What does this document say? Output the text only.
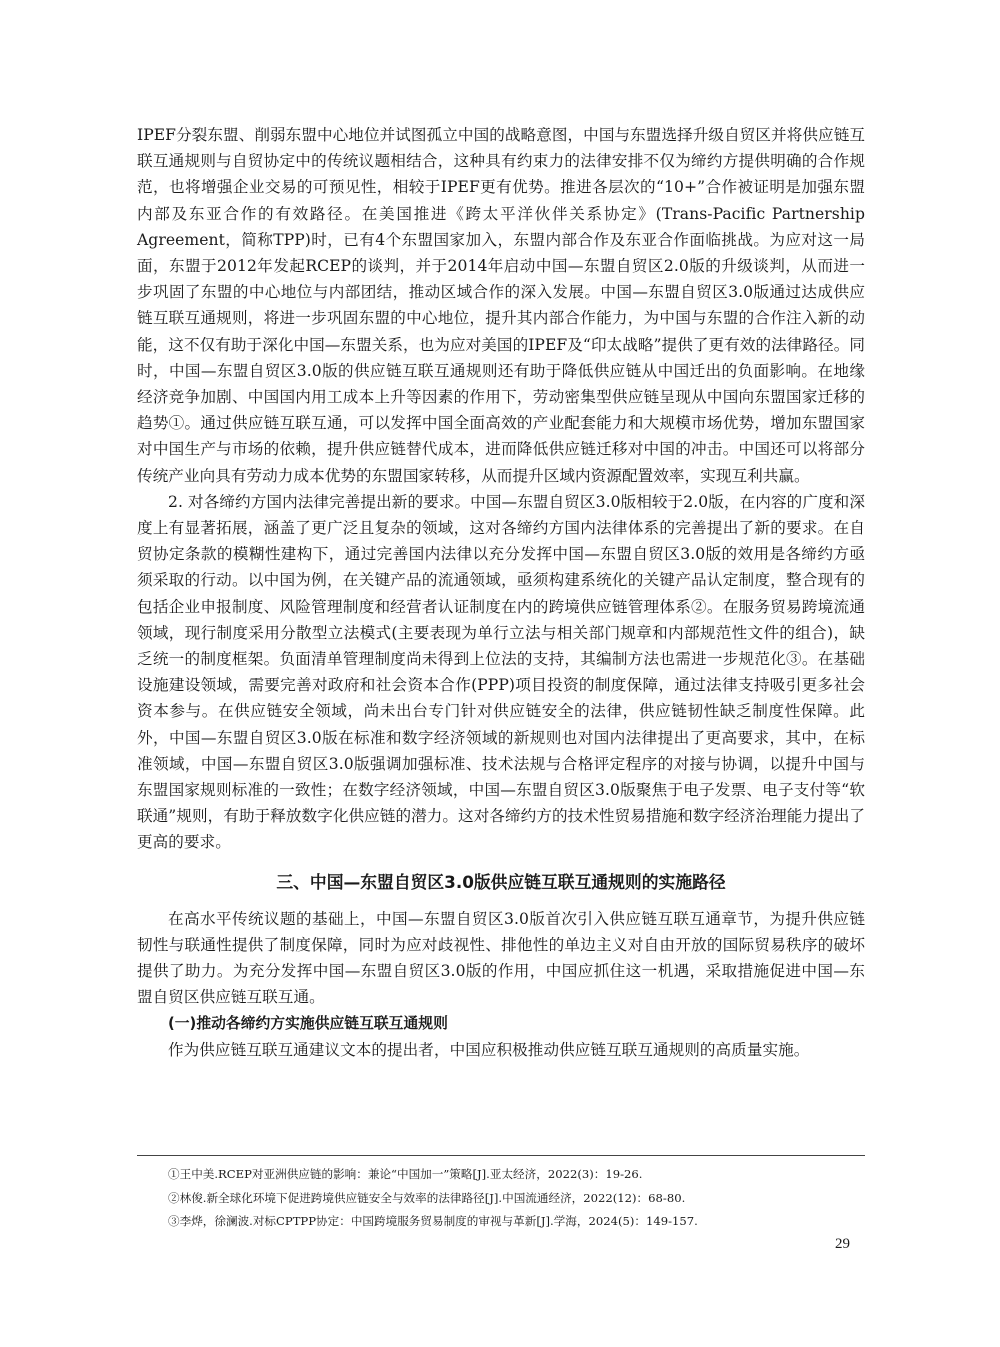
IPEF分裂东盟、削弱东盟中心地位并试图孤立中国的战略意图，中国与东盟选择升级自贸区并将供应链互联互通规则与自贸协定中的传统议题相结合，这种具有约束力的法律安排不仅为缔约方提供明确的合作规范，也将增强企业交易的可预见性，相较于IPEF更有优势。推进各层次的“10+”合作被证明是加强东盟内部及东亚合作的有效路径。在美国推进《跨太平洋伙伴关系协定》(Trans-Pacific Partnership Agreement，简称TPP)时，已有4个东盟国家加入，东盟内部合作及东亚合作面临挑战。为应对这一局面，东盟于2012年发起RCEP的谈判，并于2014年启动中国—东盟自贸区2.0版的升级谈判，从而进一步巩固了东盟的中心地位与内部团结，推动区域合作的深入发展。中国—东盟自贸区3.0版通过达成供应链互联互通规则，将进一步巩固东盟的中心地位，提升其内部合作能力，为中国与东盟的合作注入新的动能，这不仅有助于深化中国—东盟关系，也为应对美国的IPEF及“印太战略”提供了更有效的法律路径。同时，中国—东盟自贸区3.0版的供应链互联互通规则还有助于降低供应链从中国迁出的负面影响。在地缘经济竞争加剧、中国国内用工成本上升等因素的作用下，劳动密集型供应链呈现从中国向东盟国家迁移的趋势①。通过供应链互联互通，可以发挥中国全面高效的产业配套能力和大规模市场优势，增加东盟国家对中国生产与市场的依赖，提升供应链替代成本，进而降低供应链迁移对中国的冲击。中国还可以将部分传统产业向具有劳动力成本优势的东盟国家转移，从而提升区域内资源配置效率，实现互利共赢。

2. 对各缔约方国内法律完善提出新的要求。中国—东盟自贸区3.0版相较于2.0版，在内容的广度和深度上有显著拓展，涵盖了更广泛且复杂的领域，这对各缔约方国内法律体系的完善提出了新的要求。在自贸协定条款的模糊性建构下，通过完善国内法律以充分发挥中国—东盟自贸区3.0版的效用是各缔约方亟须采取的行动。以中国为例，在关键产品的流通领域，亟须构建系统化的关键产品认定制度，整合现有的包括企业申报制度、风险管理制度和经营者认证制度在内的跨境供应链管理体系②。在服务贸易跨境流通领域，现行制度采用分散型立法模式(主要表现为单行立法与相关部门规章和内部规范性文件的组合)，缺乏统一的制度框架。负面清单管理制度尚未得到上位法的支持，其编制方法也需进一步规范化③。在基础设施建设领域，需要完善对政府和社会资本合作(PPP)项目投资的制度保障，通过法律支持吸引更多社会资本参与。在供应链安全领域，尚未出台专门针对供应链安全的法律，供应链韧性缺乏制度性保障。此外，中国—东盟自贸区3.0版在标准和数字经济领域的新规则也对国内法律提出了更高要求，其中，在标准领域，中国—东盟自贸区3.0版强调加强标准、技术法规与合格评定程序的对接与协调，以提升中国与东盟国家规则标准的一致性；在数字经济领域，中国—东盟自贸区3.0版聚焦于电子发票、电子支付等“软联通”规则，有助于释放数字化供应链的潜力。这对各缔约方的技术性贸易措施和数字经济治理能力提出了更高的要求。

三、中国—东盟自贸区3.0版供应链互联互通规则的实施路径

在高水平传统议题的基础上，中国—东盟自贸区3.0版首次引入供应链互联互通章节，为提升供应链韧性与联通性提供了制度保障，同时为应对歧视性、排他性的单边主义对自由开放的国际贸易秩序的破坏提供了助力。为充分发挥中国—东盟自贸区3.0版的作用，中国应抓住这一机遇，采取措施促进中国—东盟自贸区供应链互联互通。

(一)推动各缔约方实施供应链互联互通规则

作为供应链互联互通建议文本的提出者，中国应积极推动供应链互联互通规则的高质量实施。

①王中美.RCEP对亚洲供应链的影响：兼论“中国加一”策略[J].亚太经济，2022(3)：19-26.

②林俊.新全球化环境下促进跨境供应链安全与效率的法律路径[J].中国流通经济，2022(12)：68-80.

③李烨，徐澜波.对标CPTPP协定：中国跨境服务贸易制度的审视与革新[J].学海，2024(5)：149-157.

29
